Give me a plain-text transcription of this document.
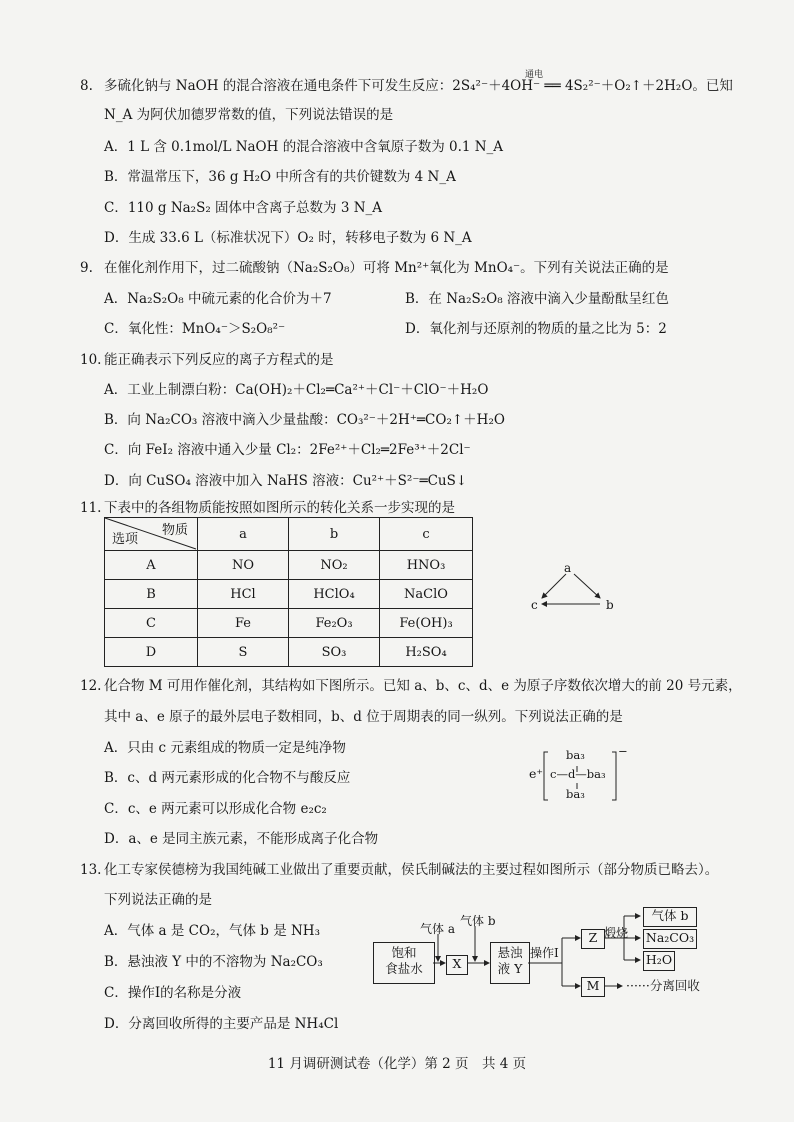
8. 多硫化钠与 NaOH 的混合溶液在通电条件下可发生反应：2S₄²⁻＋4OH⁻ ══ 4S₂²⁻＋O₂↑＋2H₂O。已知
通电
N_A 为阿伏加德罗常数的值，下列说法错误的是
A．1 L 含 0.1mol/L NaOH 的混合溶液中含氧原子数为 0.1 N_A
B．常温常压下，36 g H₂O 中所含有的共价键数为 4 N_A
C．110 g Na₂S₂ 固体中含离子总数为 3 N_A
D．生成 33.6 L（标准状况下）O₂ 时，转移电子数为 6 N_A
9. 在催化剂作用下，过二硫酸钠（Na₂S₂O₈）可将 Mn²⁺氧化为 MnO₄⁻。下列有关说法正确的是
A．Na₂S₂O₈ 中硫元素的化合价为＋7	B．在 Na₂S₂O₈ 溶液中滴入少量酚酞呈红色
C．氧化性：MnO₄⁻＞S₂O₈²⁻	D．氧化剂与还原剂的物质的量之比为 5：2
10. 能正确表示下列反应的离子方程式的是
A．工业上制漂白粉：Ca(OH)₂＋Cl₂═Ca²⁺＋Cl⁻＋ClO⁻＋H₂O
B．向 Na₂CO₃ 溶液中滴入少量盐酸：CO₃²⁻＋2H⁺═CO₂↑＋H₂O
C．向 FeI₂ 溶液中通入少量 Cl₂：2Fe²⁺＋Cl₂═2Fe³⁺＋2Cl⁻
D．向 CuSO₄ 溶液中加入 NaHS 溶液：Cu²⁺＋S²⁻═CuS↓
11. 下表中的各组物质能按照如图所示的转化关系一步实现的是
	a	b	c
A	NO	NO₂	HNO₃
B	HCl	HClO₄	NaClO
C	Fe	Fe₂O₃	Fe(OH)₃
D	S	SO₃	H₂SO₄
物质
选项
a
c	b
12. 化合物 M 可用作催化剂，其结构如下图所示。已知 a、b、c、d、e 为原子序数依次增大的前 20 号元素，
其中 a、e 原子的最外层电子数相同，b、d 位于周期表的同一纵列。下列说法正确的是
A．只由 c 元素组成的物质一定是纯净物
B．c、d 两元素形成的化合物不与酸反应
C．c、e 两元素可以形成化合物 e₂c₂
D．a、e 是同主族元素，不能形成离子化合物
e⁺
ba₃
c—d—ba₃
ba₃
−
13. 化工专家侯德榜为我国纯碱工业做出了重要贡献，侯氏制碱法的主要过程如图所示（部分物质已略去）。
下列说法正确的是
A．气体 a 是 CO₂，气体 b 是 NH₃
B．悬浊液 Y 中的不溶物为 Na₂CO₃
C．操作Ⅰ的名称是分液
D．分离回收所得的主要产品是 NH₄Cl
饱和
食盐水
气体 a
气体 b
X
悬浊
液 Y
操作Ⅰ
Z 煅烧
气体 b
Na₂CO₃
H₂O
M	······分离回收
11 月调研测试卷（化学）第 2 页　共 4 页
